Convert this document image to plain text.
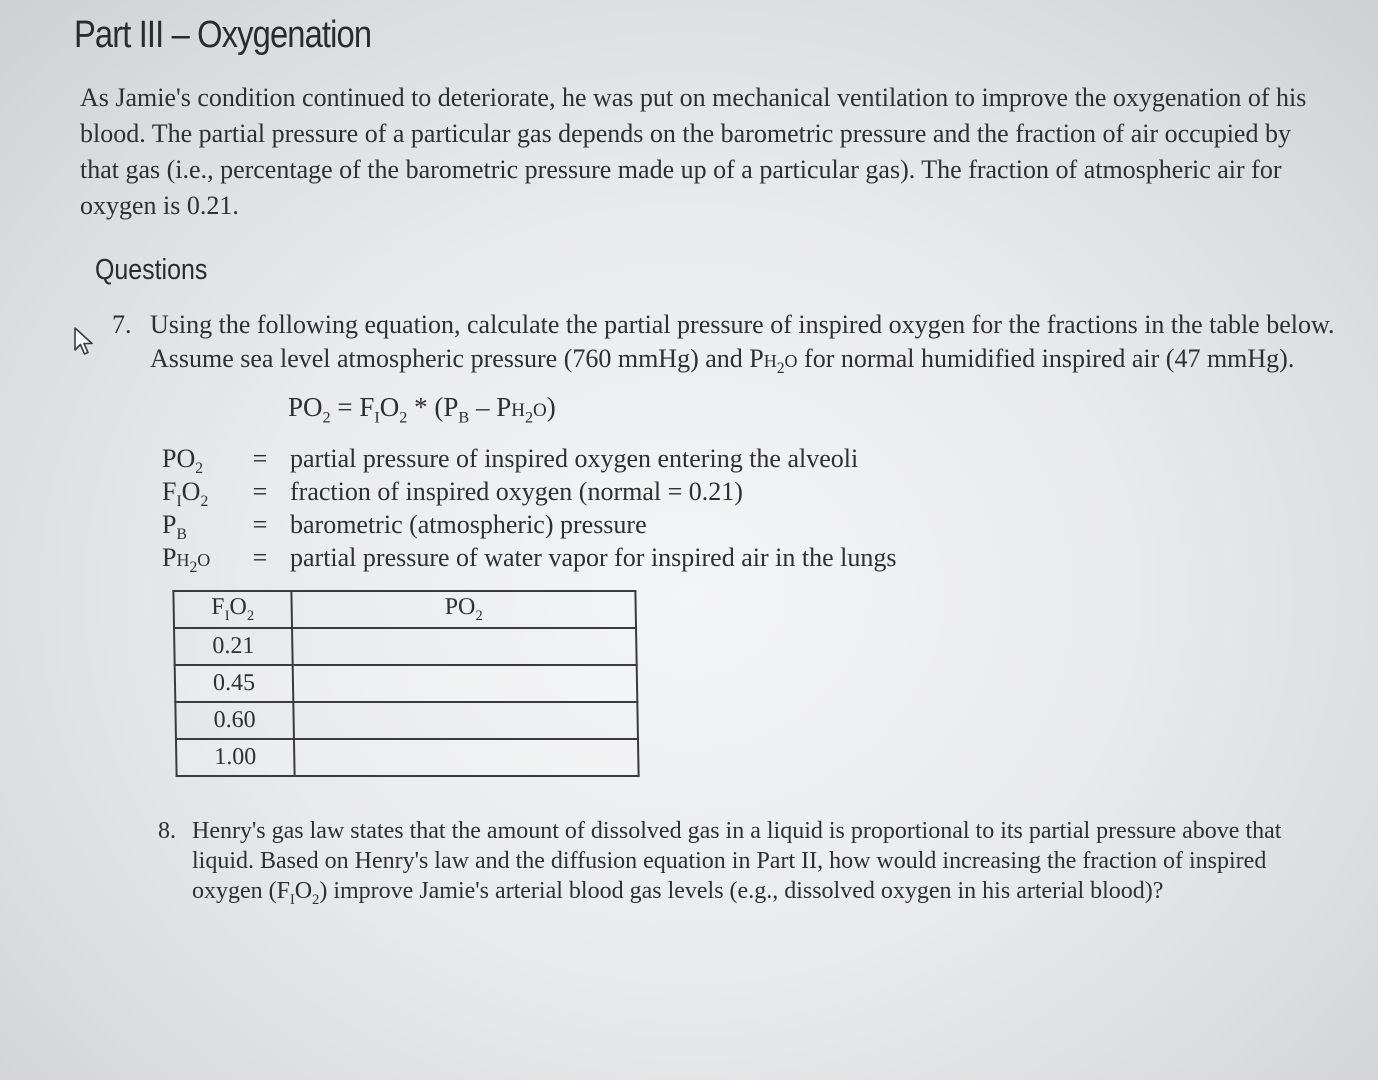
Part III – Oxygenation
As Jamie's condition continued to deteriorate, he was put on mechanical ventilation to improve the oxygenation of his
blood. The partial pressure of a particular gas depends on the barometric pressure and the fraction of air occupied by
that gas (i.e., percentage of the barometric pressure made up of a particular gas). The fraction of atmospheric air for
oxygen is 0.21.
Questions
7. Using the following equation, calculate the partial pressure of inspired oxygen for the fractions in the table below.
Assume sea level atmospheric pressure (760 mmHg) and $Ph_2o$ for normal humidified inspired air (47 mmHg).
$PO_2 = F_IO_2 * (P_B - Ph_2o)$
$PO_2$	= partial pressure of inspired oxygen entering the alveoli
$F_IO_2$	= fraction of inspired oxygen (normal = 0.21)
$P_B$	= barometric (atmospheric) pressure
$Ph_2o$	= partial pressure of water vapor for inspired air in the lungs
$F_IO_2$	$PO_2$
0.21	
0.45	
0.60	
1.00	
8. Henry's gas law states that the amount of dissolved gas in a liquid is proportional to its partial pressure above that
liquid. Based on Henry's law and the diffusion equation in Part II, how would increasing the fraction of inspired
oxygen $(F_IO_2)$ improve Jamie's arterial blood gas levels (e.g., dissolved oxygen in his arterial blood)?
